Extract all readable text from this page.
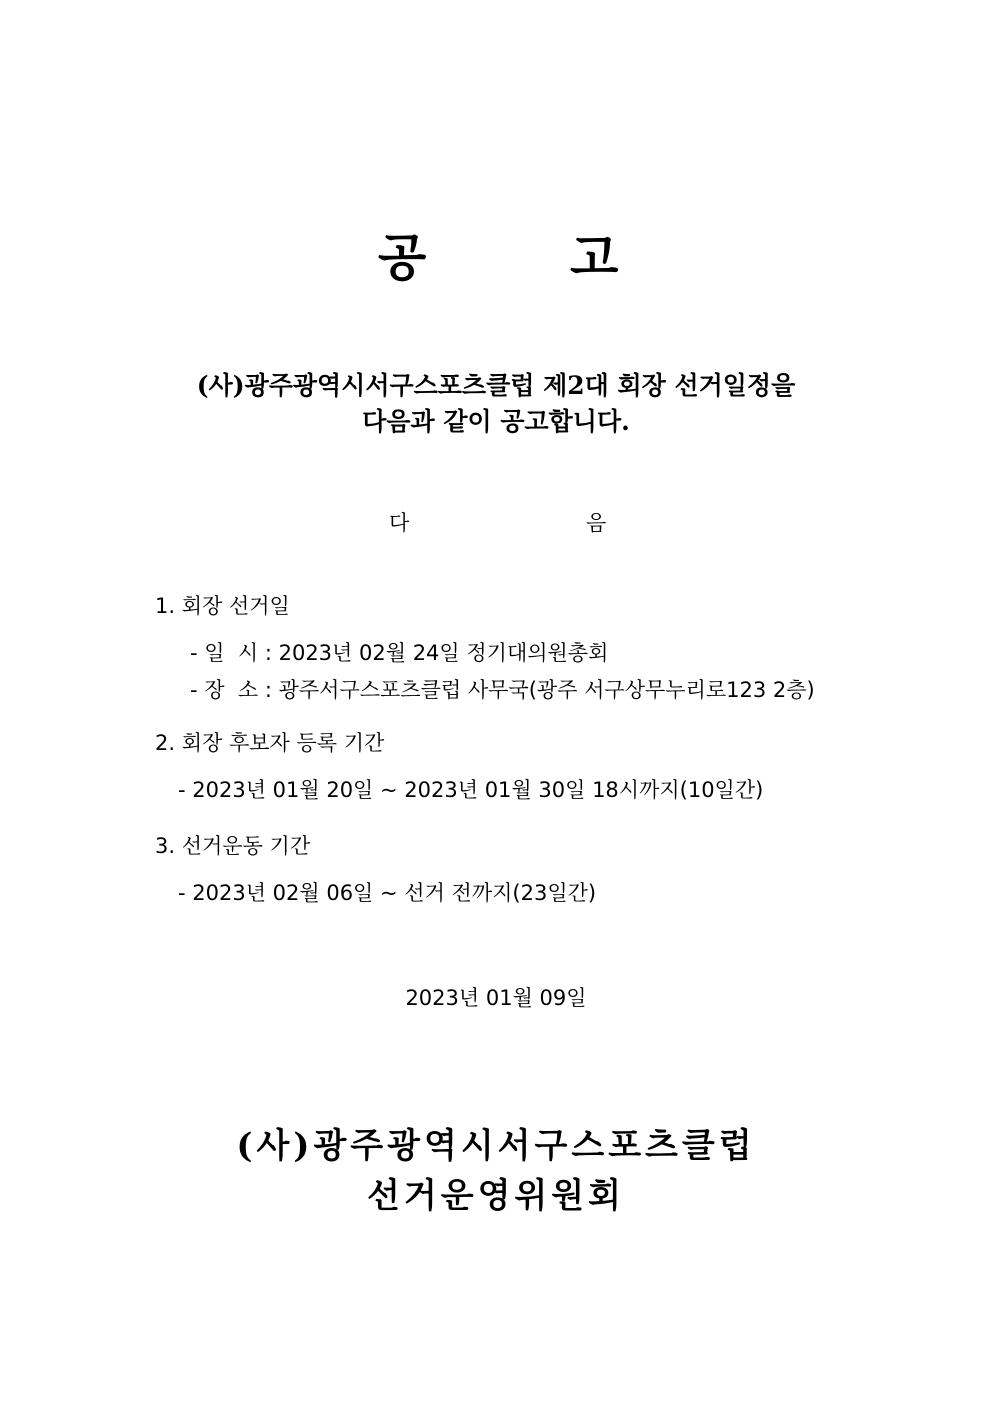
공	고
(사)광주광역시서구스포츠클럽 제2대 회장 선거일정을
다음과 같이 공고합니다.
다	음
1. 회장 선거일
- 일  시 : 2023년 02월 24일 정기대의원총회
- 장  소 : 광주서구스포츠클럽 사무국(광주 서구상무누리로123 2층)
2. 회장 후보자 등록 기간
- 2023년 01월 20일 ~ 2023년 01월 30일 18시까지(10일간)
3. 선거운동 기간
- 2023년 02월 06일 ~ 선거 전까지(23일간)
2023년 01월 09일
(사)광주광역시서구스포츠클럽
선거운영위원회
